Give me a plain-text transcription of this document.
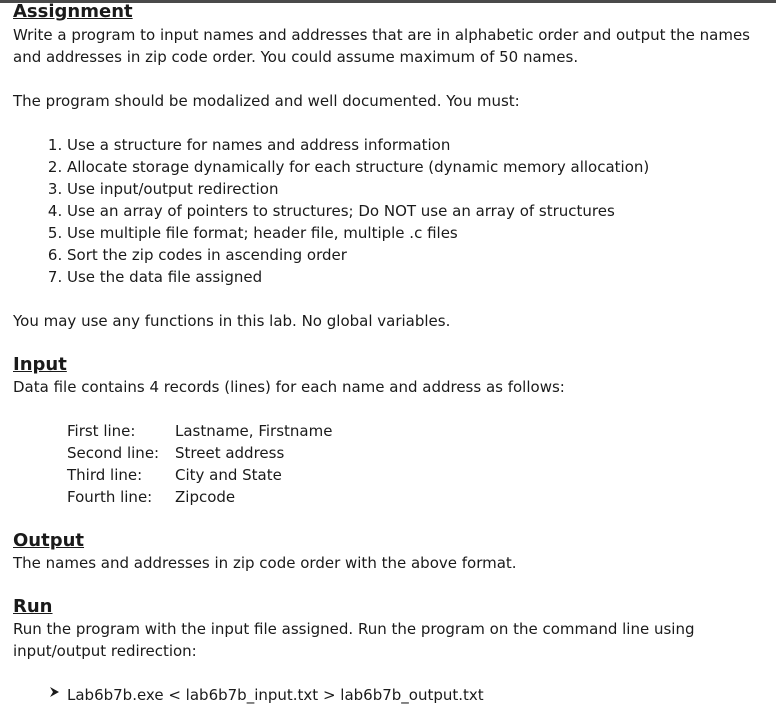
Assignment

Write a program to input names and addresses that are in alphabetic order and output the names and addresses in zip code order. You could assume maximum of 50 names.

The program should be modalized and well documented. You must:

1. Use a structure for names and address information
2. Allocate storage dynamically for each structure (dynamic memory allocation)
3. Use input/output redirection
4. Use an array of pointers to structures; Do NOT use an array of structures
5. Use multiple file format; header file, multiple .c files
6. Sort the zip codes in ascending order
7. Use the data file assigned

You may use any functions in this lab. No global variables.

Input

Data file contains 4 records (lines) for each name and address as follows:

First line:	Lastname, Firstname
Second line:	Street address
Third line:	City and State
Fourth line:	Zipcode
Output

The names and addresses in zip code order with the above format.

Run

Run the program with the input file assigned. Run the program on the command line using input/output redirection:

Lab6b7b.exe < lab6b7b_input.txt > lab6b7b_output.txt
